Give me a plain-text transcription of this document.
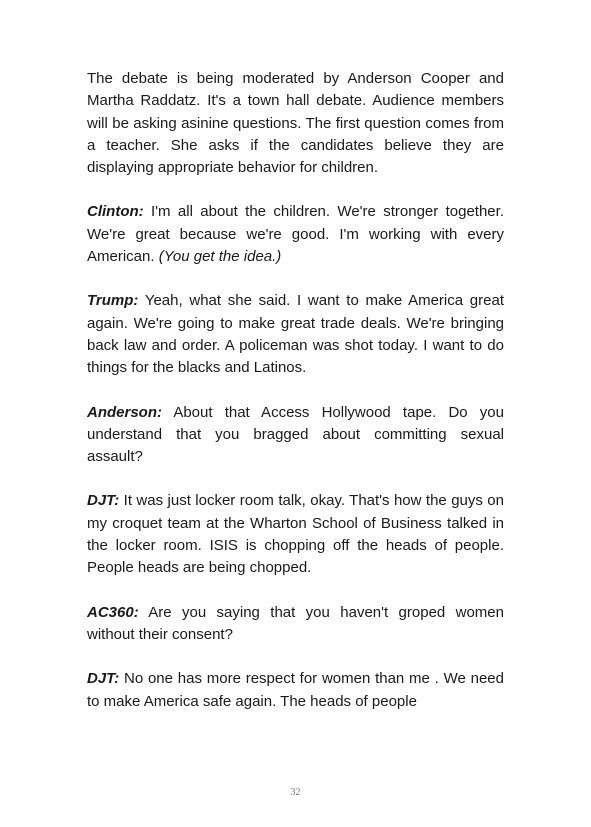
The debate is being moderated by Anderson Cooper and Martha Raddatz. It's a town hall debate. Audience members will be asking asinine questions. The first question comes from a teacher. She asks if the candidates believe they are displaying appropriate behavior for children.

Clinton: I'm all about the children. We're stronger together. We're great because we're good. I'm working with every American. (You get the idea.)

Trump: Yeah, what she said. I want to make America great again. We're going to make great trade deals. We're bringing back law and order. A policeman was shot today. I want to do things for the blacks and Latinos.

Anderson: About that Access Hollywood tape. Do you understand that you bragged about committing sexual assault?

DJT: It was just locker room talk, okay. That's how the guys on my croquet team at the Wharton School of Business talked in the locker room. ISIS is chopping off the heads of people. People heads are being chopped.

AC360: Are you saying that you haven't groped women without their consent?

DJT: No one has more respect for women than me . We need to make America safe again. The heads of people

32
